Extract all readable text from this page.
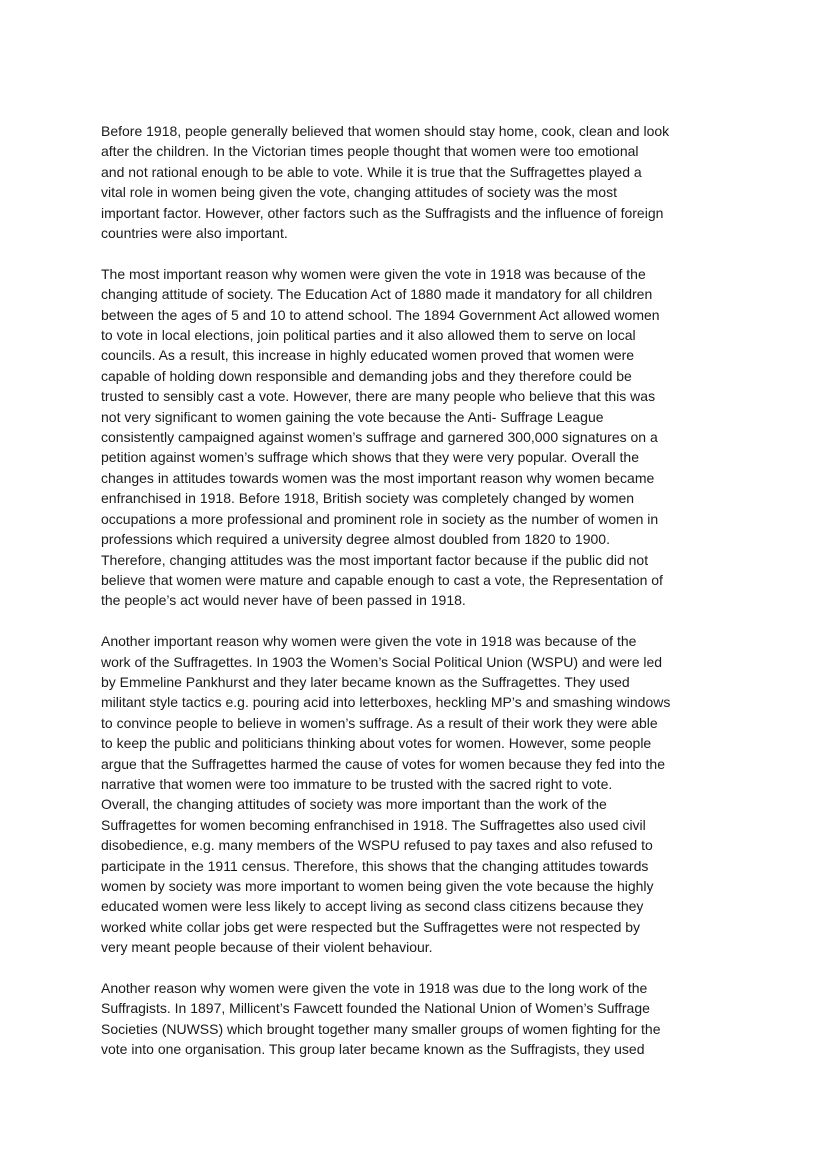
Before 1918, people generally believed that women should stay home, cook, clean and look
after the children. In the Victorian times people thought that women were too emotional
and not rational enough to be able to vote. While it is true that the Suffragettes played a
vital role in women being given the vote, changing attitudes of society was the most
important factor. However, other factors such as the Suffragists and the influence of foreign
countries were also important.

The most important reason why women were given the vote in 1918 was because of the
changing attitude of society. The Education Act of 1880 made it mandatory for all children
between the ages of 5 and 10 to attend school. The 1894 Government Act allowed women
to vote in local elections, join political parties and it also allowed them to serve on local
councils. As a result, this increase in highly educated women proved that women were
capable of holding down responsible and demanding jobs and they therefore could be
trusted to sensibly cast a vote. However, there are many people who believe that this was
not very significant to women gaining the vote because the Anti- Suffrage League
consistently campaigned against women’s suffrage and garnered 300,000 signatures on a
petition against women’s suffrage which shows that they were very popular. Overall the
changes in attitudes towards women was the most important reason why women became
enfranchised in 1918. Before 1918, British society was completely changed by women
occupations a more professional and prominent role in society as the number of women in
professions which required a university degree almost doubled from 1820 to 1900.
Therefore, changing attitudes was the most important factor because if the public did not
believe that women were mature and capable enough to cast a vote, the Representation of
the people’s act would never have of been passed in 1918.

Another important reason why women were given the vote in 1918 was because of the
work of the Suffragettes. In 1903 the Women’s Social Political Union (WSPU) and were led
by Emmeline Pankhurst and they later became known as the Suffragettes. They used
militant style tactics e.g. pouring acid into letterboxes, heckling MP’s and smashing windows
to convince people to believe in women’s suffrage. As a result of their work they were able
to keep the public and politicians thinking about votes for women. However, some people
argue that the Suffragettes harmed the cause of votes for women because they fed into the
narrative that women were too immature to be trusted with the sacred right to vote.
Overall, the changing attitudes of society was more important than the work of the
Suffragettes for women becoming enfranchised in 1918. The Suffragettes also used civil
disobedience, e.g. many members of the WSPU refused to pay taxes and also refused to
participate in the 1911 census. Therefore, this shows that the changing attitudes towards
women by society was more important to women being given the vote because the highly
educated women were less likely to accept living as second class citizens because they
worked white collar jobs get were respected but the Suffragettes were not respected by
very meant people because of their violent behaviour.

Another reason why women were given the vote in 1918 was due to the long work of the
Suffragists. In 1897, Millicent’s Fawcett founded the National Union of Women’s Suffrage
Societies (NUWSS) which brought together many smaller groups of women fighting for the
vote into one organisation. This group later became known as the Suffragists, they used
